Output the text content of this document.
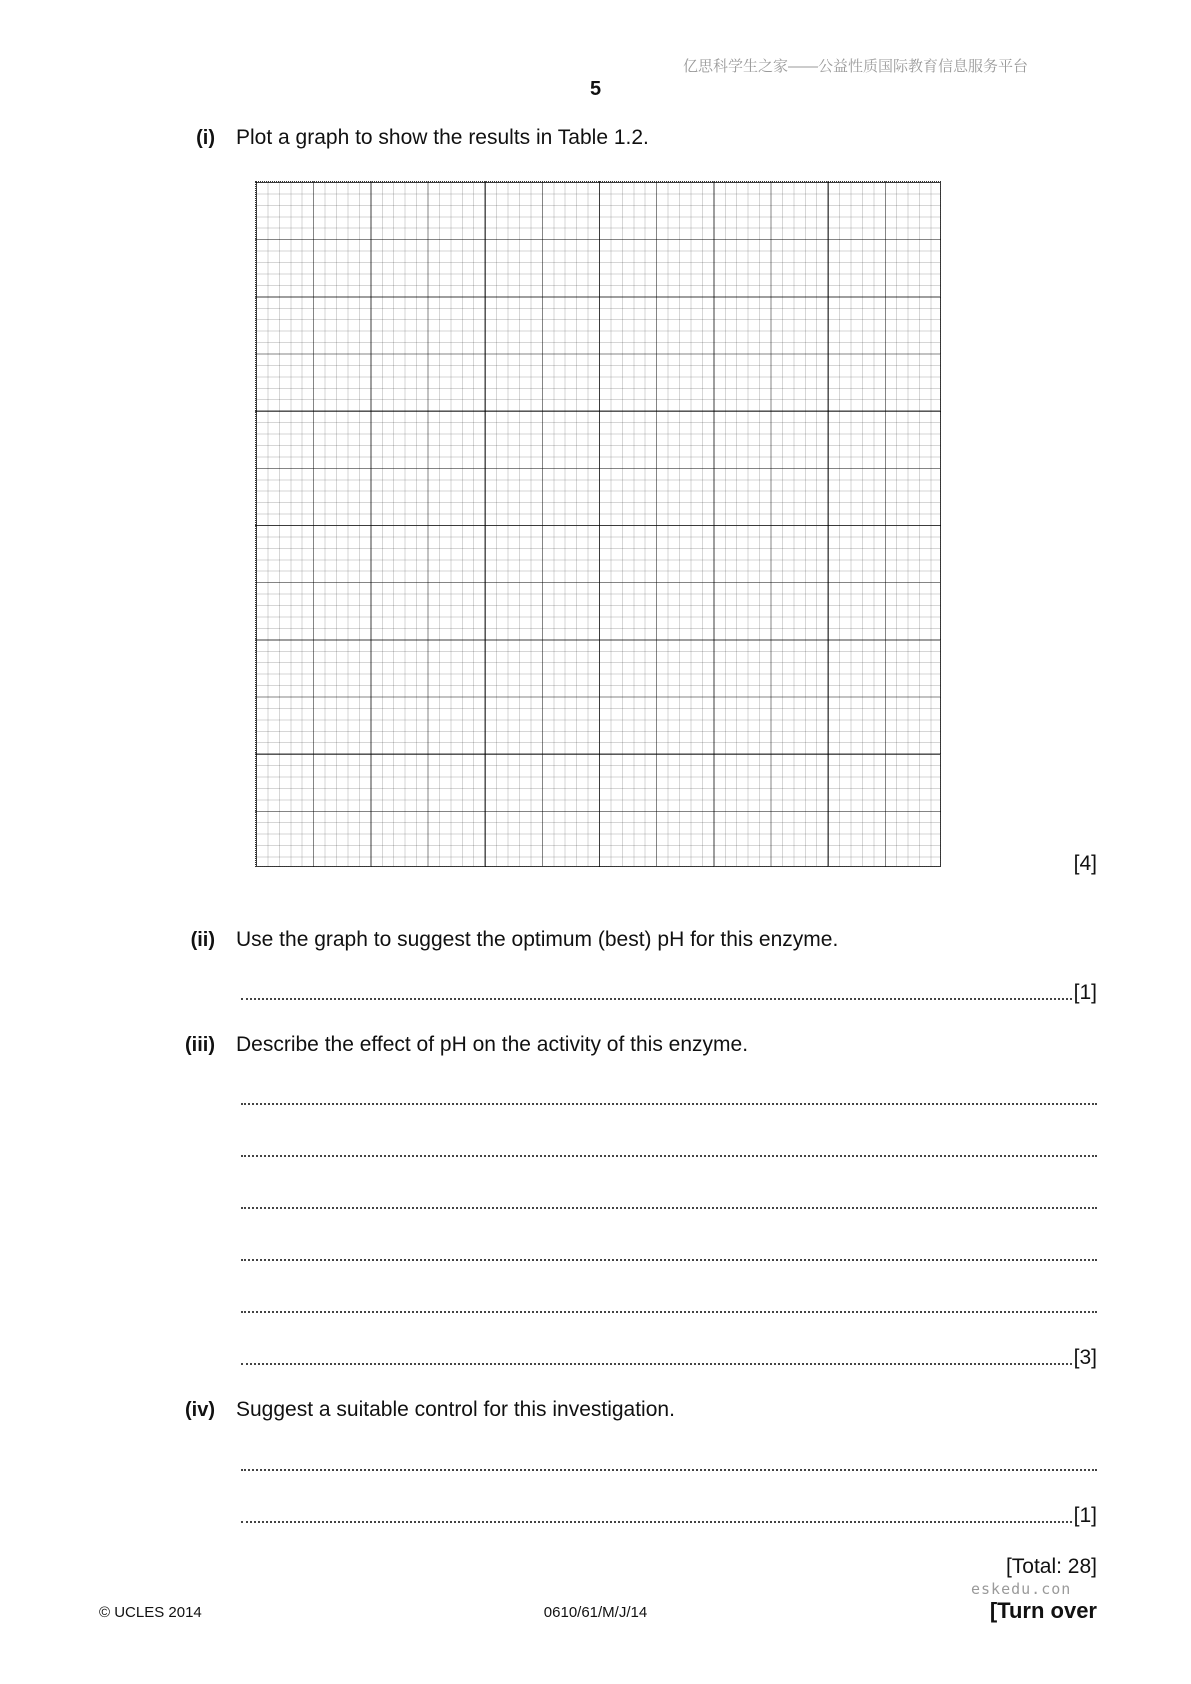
亿思科学生之家——公益性质国际教育信息服务平台
5
(i) Plot a graph to show the results in Table 1.2.
[4]
(ii) Use the graph to suggest the optimum (best) pH for this enzyme.
[1]
(iii) Describe the effect of pH on the activity of this enzyme.
[3]
(iv) Suggest a suitable control for this investigation.
[1]
[Total: 28]
eskedu.con
© UCLES 2014	0610/61/M/J/14	[Turn over
